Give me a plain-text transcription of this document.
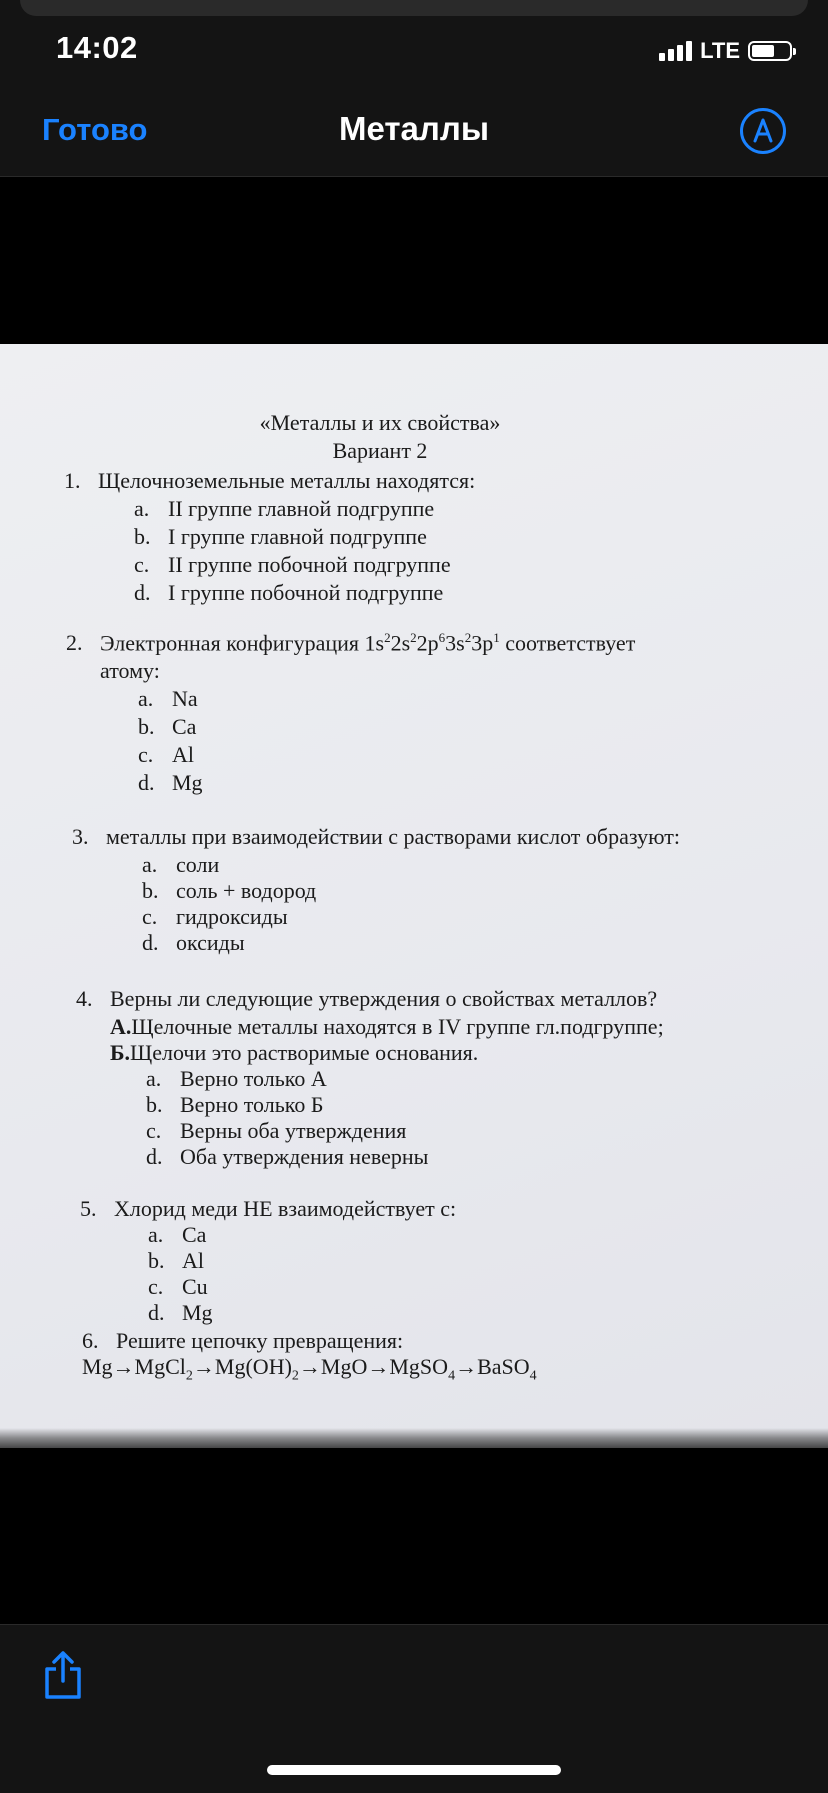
14:02	LTE
Готово	Металлы
«Металлы и их свойства»
Вариант 2
1. Щелочноземельные металлы находятся:
a. II группе главной подгруппе
b. I группе главной подгруппе
c. II группе побочной подгруппе
d. I группе побочной подгруппе
2. Электронная конфигурация $1s^22s^22p^63s^23p^1$ соответствует
атому:
a. Na
b. Ca
c. Al
d. Mg
3. металлы при взаимодействии с растворами кислот образуют:
a. соли
b. соль + водород
c. гидроксиды
d. оксиды
4. Верны ли следующие утверждения о свойствах металлов?
А.Щелочные металлы находятся в IV группе гл.подгруппе;
Б.Щелочи это растворимые основания.
a. Верно только А
b. Верно только Б
c. Верны оба утверждения
d. Оба утверждения неверны
5. Хлорид меди НЕ взаимодействует с:
a. Ca
b. Al
c. Cu
d. Mg
6. Решите цепочку превращения:
$Mg\to MgCl_2\to Mg(OH)_2\to MgO\to MgSO_4\to BaSO_4$
